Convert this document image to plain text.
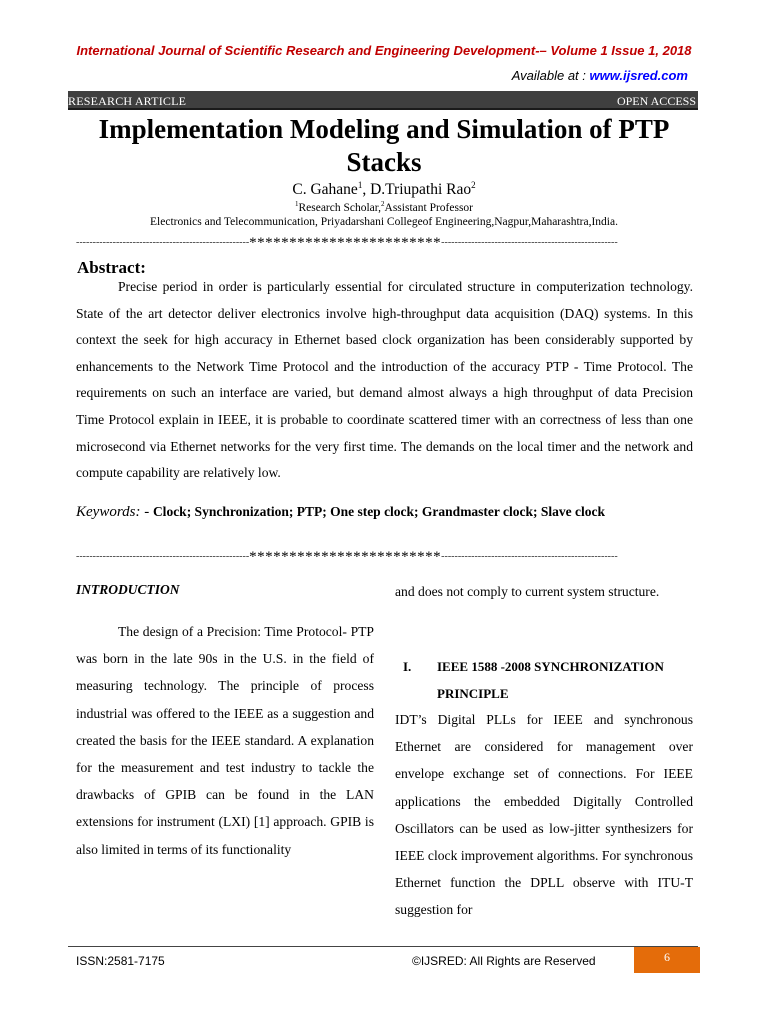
International Journal of Scientific Research and Engineering Development-– Volume 1 Issue 1, 2018
Available at : www.ijsred.com
RESEARCH ARTICLE	OPEN ACCESS
Implementation Modeling and Simulation of PTP Stacks
C. Gahane$^1$, D.Triupathi Rao$^2$
$^1$Research Scholar,$^2$Assistant Professor
Electronics and Telecommunication, Priyadarshani Collegeof Engineering,Nagpur,Maharashtra,India.
----------------------------------------------------************************-----------------------------------------------------
Abstract:
Precise period in order is particularly essential for circulated structure in computerization technology. State of the art detector deliver electronics involve high-throughput data acquisition (DAQ) systems. In this context the seek for high accuracy in Ethernet based clock organization has been considerably supported by enhancements to the Network Time Protocol and the introduction of the accuracy PTP - Time Protocol. The requirements on such an interface are varied, but demand almost always a high throughput of data Precision Time Protocol explain in IEEE, it is probable to coordinate scattered timer with an correctness of less than one microsecond via Ethernet networks for the very first time. The demands on the local timer and the network and compute capability are relatively low.
Keywords: - Clock; Synchronization; PTP; One step clock; Grandmaster clock; Slave clock
----------------------------------------------------************************-----------------------------------------------------
INTRODUCTION
The design of a Precision: Time Protocol- PTP was born in the late 90s in the U.S. in the field of measuring technology. The principle of process industrial was offered to the IEEE as a suggestion and created the basis for the IEEE standard. A explanation for the measurement and test industry to tackle the drawbacks of GPIB can be found in the LAN extensions for instrument (LXI) [1] approach. GPIB is also limited in terms of its functionality
and does not comply to current system structure.
I. IEEE 1588 -2008 SYNCHRONIZATION
PRINCIPLE
IDT’s Digital PLLs for IEEE and synchronous Ethernet are considered for management over envelope exchange set of connections. For IEEE applications the embedded Digitally Controlled Oscillators can be used as low-jitter synthesizers for IEEE clock improvement algorithms. For synchronous Ethernet function the DPLL observe with ITU-T suggestion for
ISSN:2581-7175	©IJSRED: All Rights are Reserved	6
